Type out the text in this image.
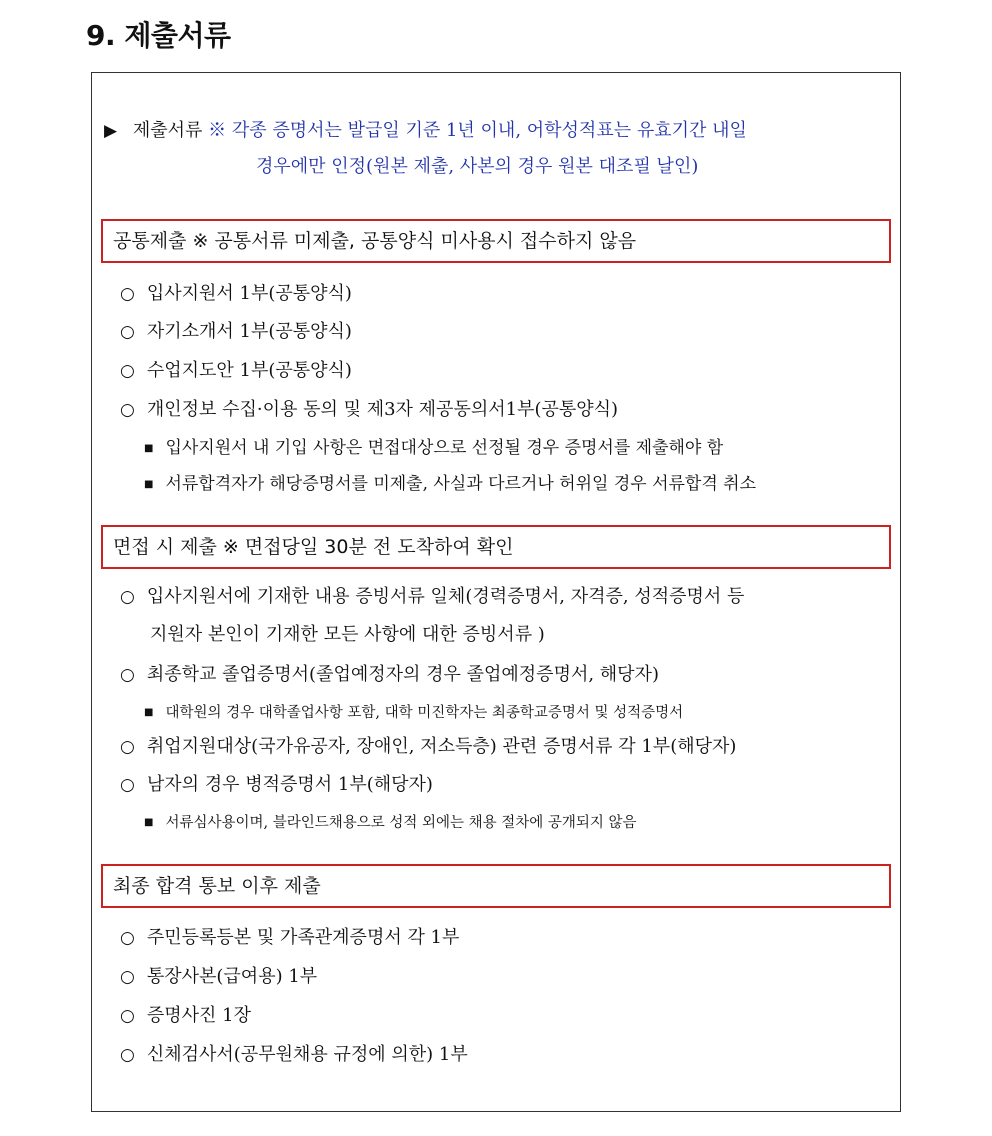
9. 제출서류
▶ 제출서류 ※ 각종 증명서는 발급일 기준 1년 이내, 어학성적표는 유효기간 내일
경우에만 인정(원본 제출, 사본의 경우 원본 대조필 날인)
공통제출 ※ 공통서류 미제출, 공통양식 미사용시 접수하지 않음
○ 입사지원서 1부(공통양식)
○ 자기소개서 1부(공통양식)
○ 수업지도안 1부(공통양식)
○ 개인정보 수집·이용 동의 및 제3자 제공동의서1부(공통양식)
■ 입사지원서 내 기입 사항은 면접대상으로 선정될 경우 증명서를 제출해야 함
■ 서류합격자가 해당증명서를 미제출, 사실과 다르거나 허위일 경우 서류합격 취소
면접 시 제출 ※ 면접당일 30분 전 도착하여 확인
○ 입사지원서에 기재한 내용 증빙서류 일체(경력증명서, 자격증, 성적증명서 등
지원자 본인이 기재한 모든 사항에 대한 증빙서류 )
○ 최종학교 졸업증명서(졸업예정자의 경우 졸업예정증명서, 해당자)
■ 대학원의 경우 대학졸업사항 포함, 대학 미진학자는 최종학교증명서 및 성적증명서
○ 취업지원대상(국가유공자, 장애인, 저소득층) 관련 증명서류 각 1부(해당자)
○ 남자의 경우 병적증명서 1부(해당자)
■ 서류심사용이며, 블라인드채용으로 성적 외에는 채용 절차에 공개되지 않음
최종 합격 통보 이후 제출
○ 주민등록등본 및 가족관계증명서 각 1부
○ 통장사본(급여용) 1부
○ 증명사진 1장
○ 신체검사서(공무원채용 규정에 의한) 1부
